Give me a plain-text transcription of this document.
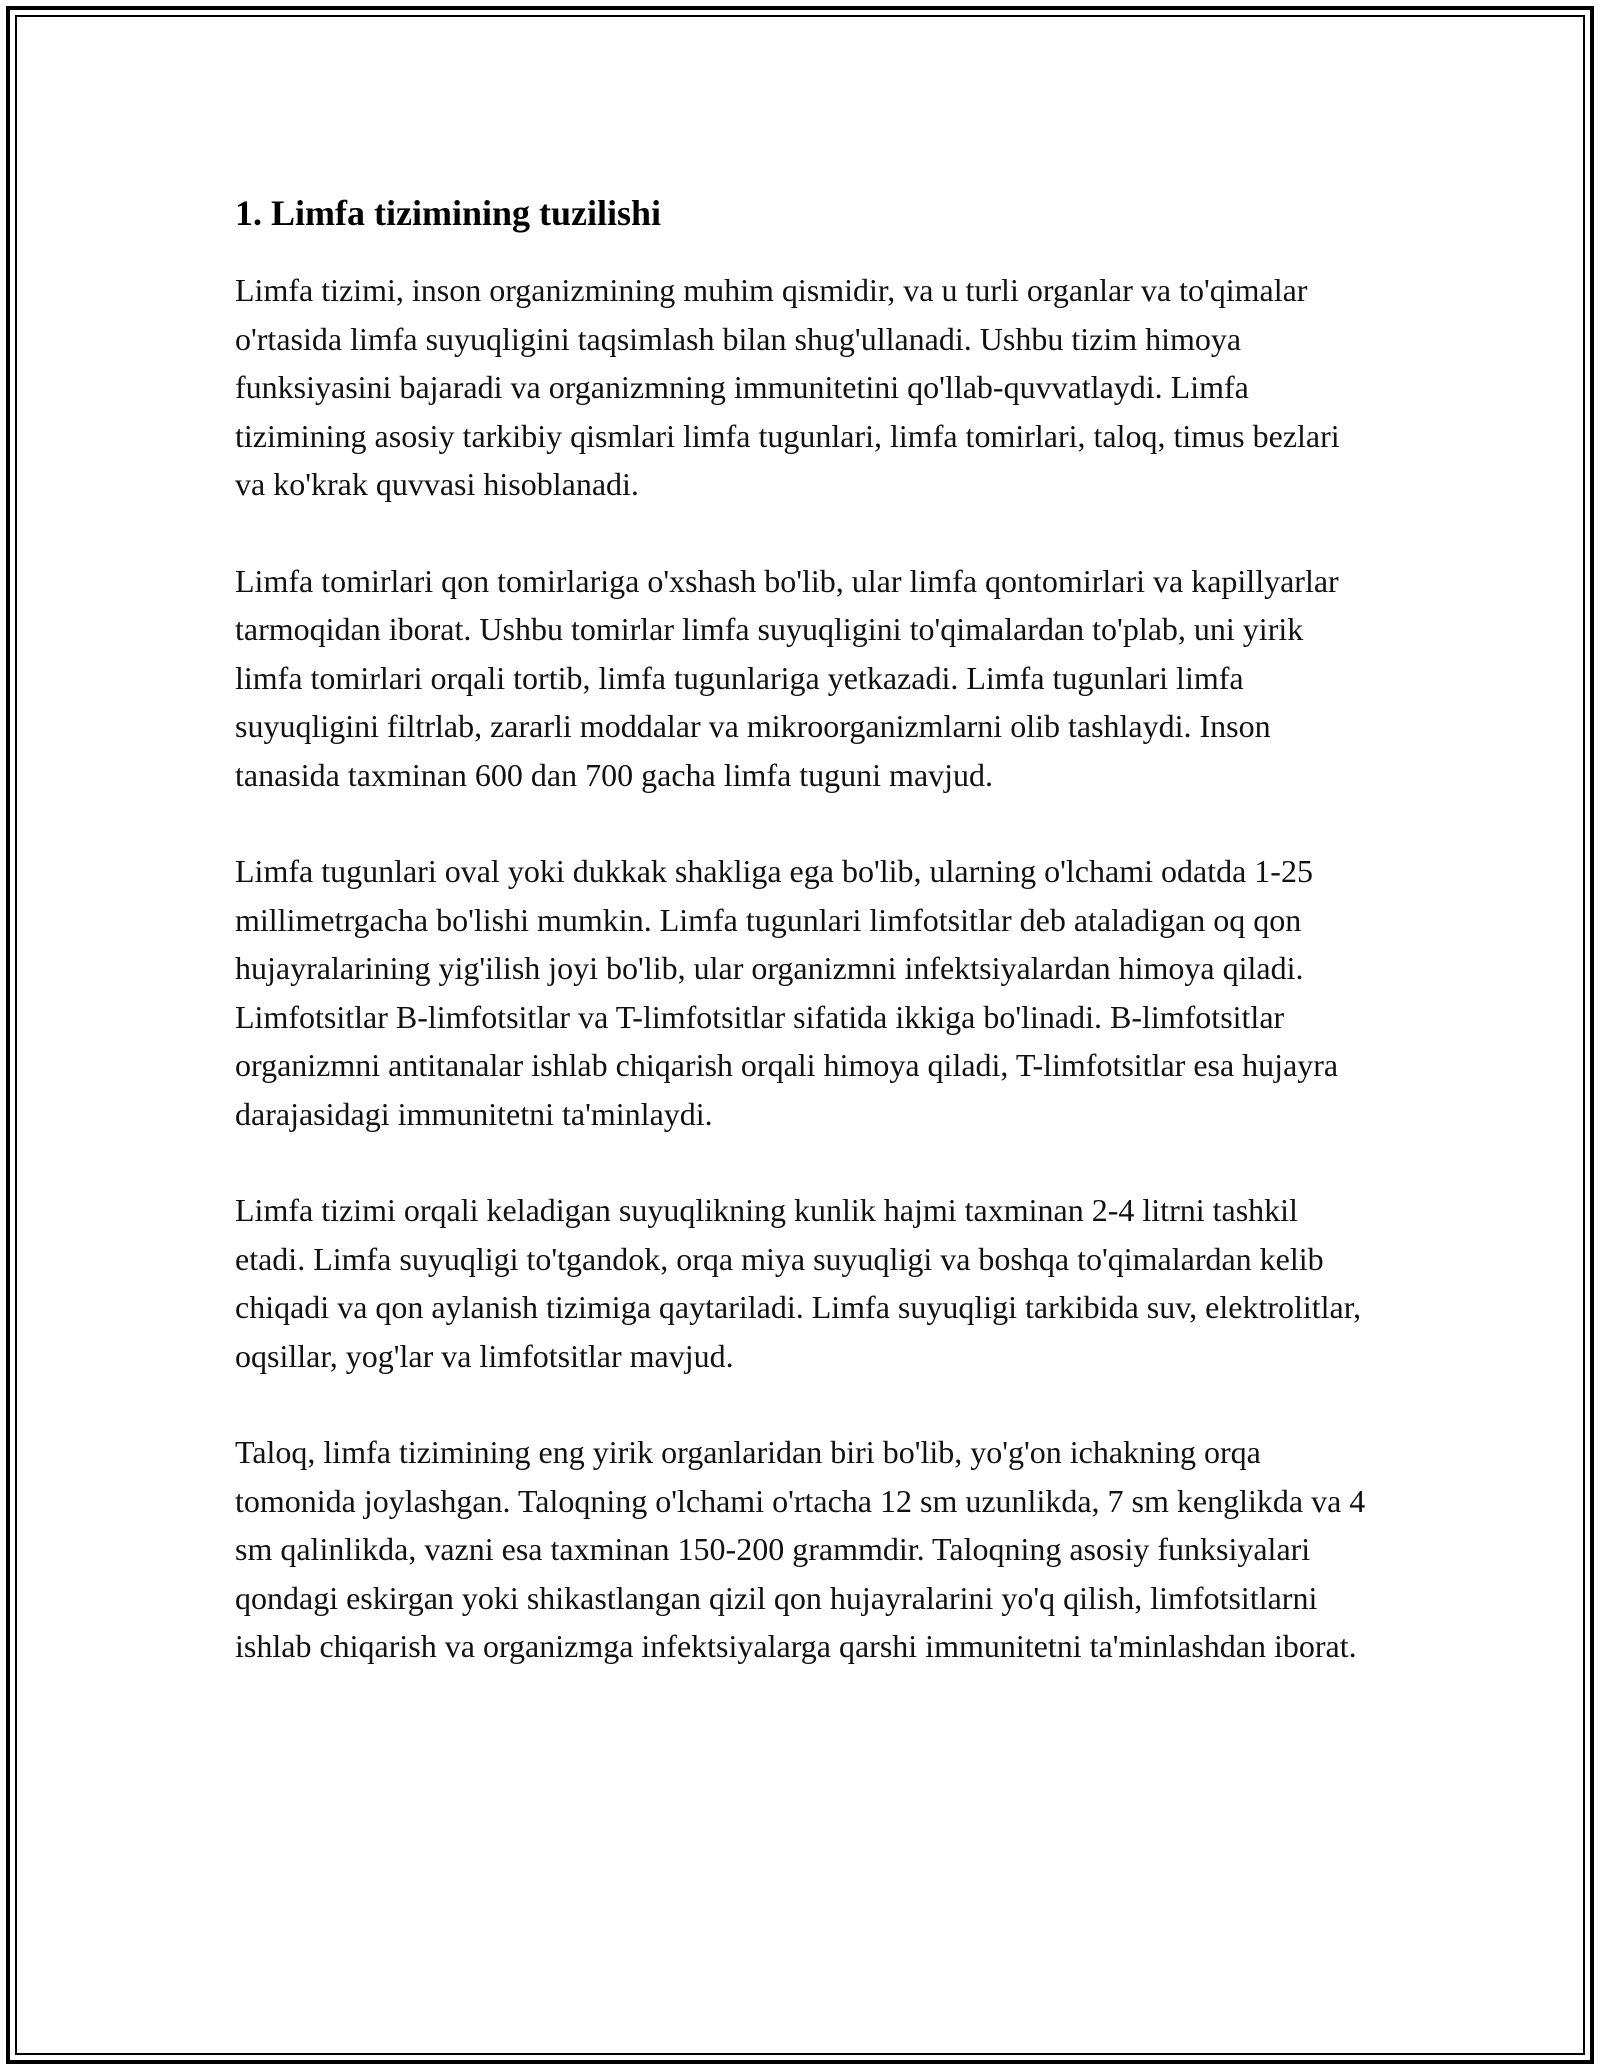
1. Limfa tizimining tuzilishi

Limfa tizimi, inson organizmining muhim qismidir, va u turli organlar va to'qimalar o'rtasida limfa suyuqligini taqsimlash bilan shug'ullanadi. Ushbu tizim himoya funksiyasini bajaradi va organizmning immunitetini qo'llab-quvvatlaydi. Limfa tizimining asosiy tarkibiy qismlari limfa tugunlari, limfa tomirlari, taloq, timus bezlari va ko'krak quvvasi hisoblanadi.

Limfa tomirlari qon tomirlariga o'xshash bo'lib, ular limfa qontomirlari va kapillyarlar tarmoqidan iborat. Ushbu tomirlar limfa suyuqligini to'qimalardan to'plab, uni yirik limfa tomirlari orqali tortib, limfa tugunlariga yetkazadi. Limfa tugunlari limfa suyuqligini filtrlab, zararli moddalar va mikroorganizmlarni olib tashlaydi. Inson tanasida taxminan 600 dan 700 gacha limfa tuguni mavjud.

Limfa tugunlari oval yoki dukkak shakliga ega bo'lib, ularning o'lchami odatda 1-25 millimetrgacha bo'lishi mumkin. Limfa tugunlari limfotsitlar deb ataladigan oq qon hujayralarining yig'ilish joyi bo'lib, ular organizmni infektsiyalardan himoya qiladi. Limfotsitlar B-limfotsitlar va T-limfotsitlar sifatida ikkiga bo'linadi. B-limfotsitlar organizmni antitanalar ishlab chiqarish orqali himoya qiladi, T-limfotsitlar esa hujayra darajasidagi immunitetni ta'minlaydi.

Limfa tizimi orqali keladigan suyuqlikning kunlik hajmi taxminan 2-4 litrni tashkil etadi. Limfa suyuqligi to'tgandok, orqa miya suyuqligi va boshqa to'qimalardan kelib chiqadi va qon aylanish tizimiga qaytariladi. Limfa suyuqligi tarkibida suv, elektrolitlar, oqsillar, yog'lar va limfotsitlar mavjud.

Taloq, limfa tizimining eng yirik organlaridan biri bo'lib, yo'g'on ichakning orqa tomonida joylashgan. Taloqning o'lchami o'rtacha 12 sm uzunlikda, 7 sm kenglikda va 4 sm qalinlikda, vazni esa taxminan 150-200 grammdir. Taloqning asosiy funksiyalari qondagi eskirgan yoki shikastlangan qizil qon hujayralarini yo'q qilish, limfotsitlarni ishlab chiqarish va organizmga infektsiyalarga qarshi immunitetni ta'minlashdan iborat.
